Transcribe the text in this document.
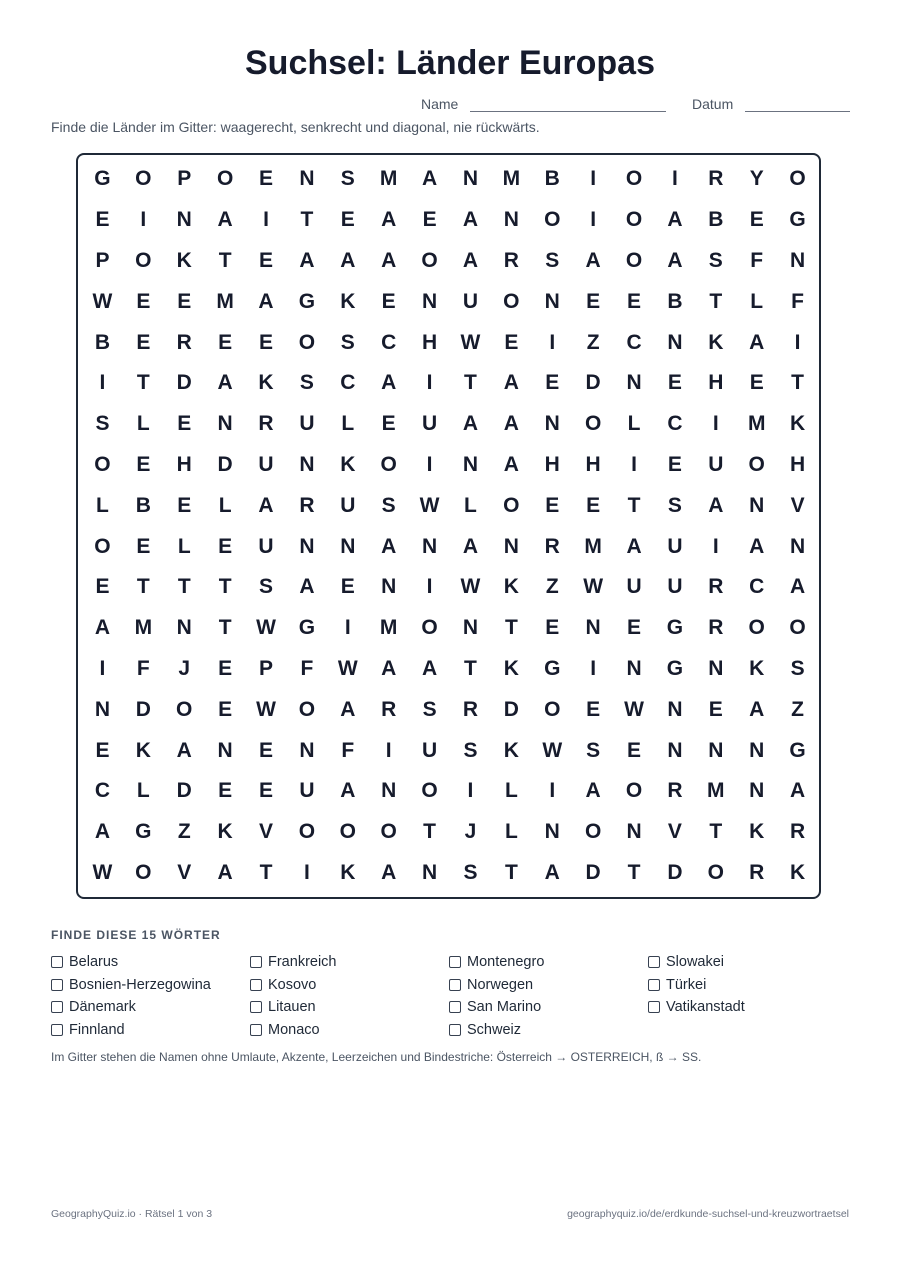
Suchsel: Länder Europas
Name	Datum

Finde die Länder im Gitter: waagerecht, senkrecht und diagonal, nie rückwärts.

G	O	P	O	E	N	S	M	A	N	M	B	I	O	I	R	Y	O
E	I	N	A	I	T	E	A	E	A	N	O	I	O	A	B	E	G
P	O	K	T	E	A	A	A	O	A	R	S	A	O	A	S	F	N
W	E	E	M	A	G	K	E	N	U	O	N	E	E	B	T	L	F
B	E	R	E	E	O	S	C	H	W	E	I	Z	C	N	K	A	I
I	T	D	A	K	S	C	A	I	T	A	E	D	N	E	H	E	T
S	L	E	N	R	U	L	E	U	A	A	N	O	L	C	I	M	K
O	E	H	D	U	N	K	O	I	N	A	H	H	I	E	U	O	H
L	B	E	L	A	R	U	S	W	L	O	E	E	T	S	A	N	V
O	E	L	E	U	N	N	A	N	A	N	R	M	A	U	I	A	N
E	T	T	T	S	A	E	N	I	W	K	Z	W	U	U	R	C	A
A	M	N	T	W	G	I	M	O	N	T	E	N	E	G	R	O	O
I	F	J	E	P	F	W	A	A	T	K	G	I	N	G	N	K	S
N	D	O	E	W	O	A	R	S	R	D	O	E	W	N	E	A	Z
E	K	A	N	E	N	F	I	U	S	K	W	S	E	N	N	N	G
C	L	D	E	E	U	A	N	O	I	L	I	A	O	R	M	N	A
A	G	Z	K	V	O	O	O	T	J	L	N	O	N	V	T	K	R
W	O	V	A	T	I	K	A	N	S	T	A	D	T	D	O	R	K
FINDE DIESE 15 WÖRTER
Belarus
Bosnien-Herzegowina
Dänemark
Finnland
Frankreich
Kosovo
Litauen
Monaco
Montenegro
Norwegen
San Marino
Schweiz
Slowakei
Türkei
Vatikanstadt

Im Gitter stehen die Namen ohne Umlaute, Akzente, Leerzeichen und Bindestriche: Österreich → OSTERREICH, ß → SS.

GeographyQuiz.io · Rätsel 1 von 3	geographyquiz.io/de/erdkunde-suchsel-und-kreuzwortraetsel
